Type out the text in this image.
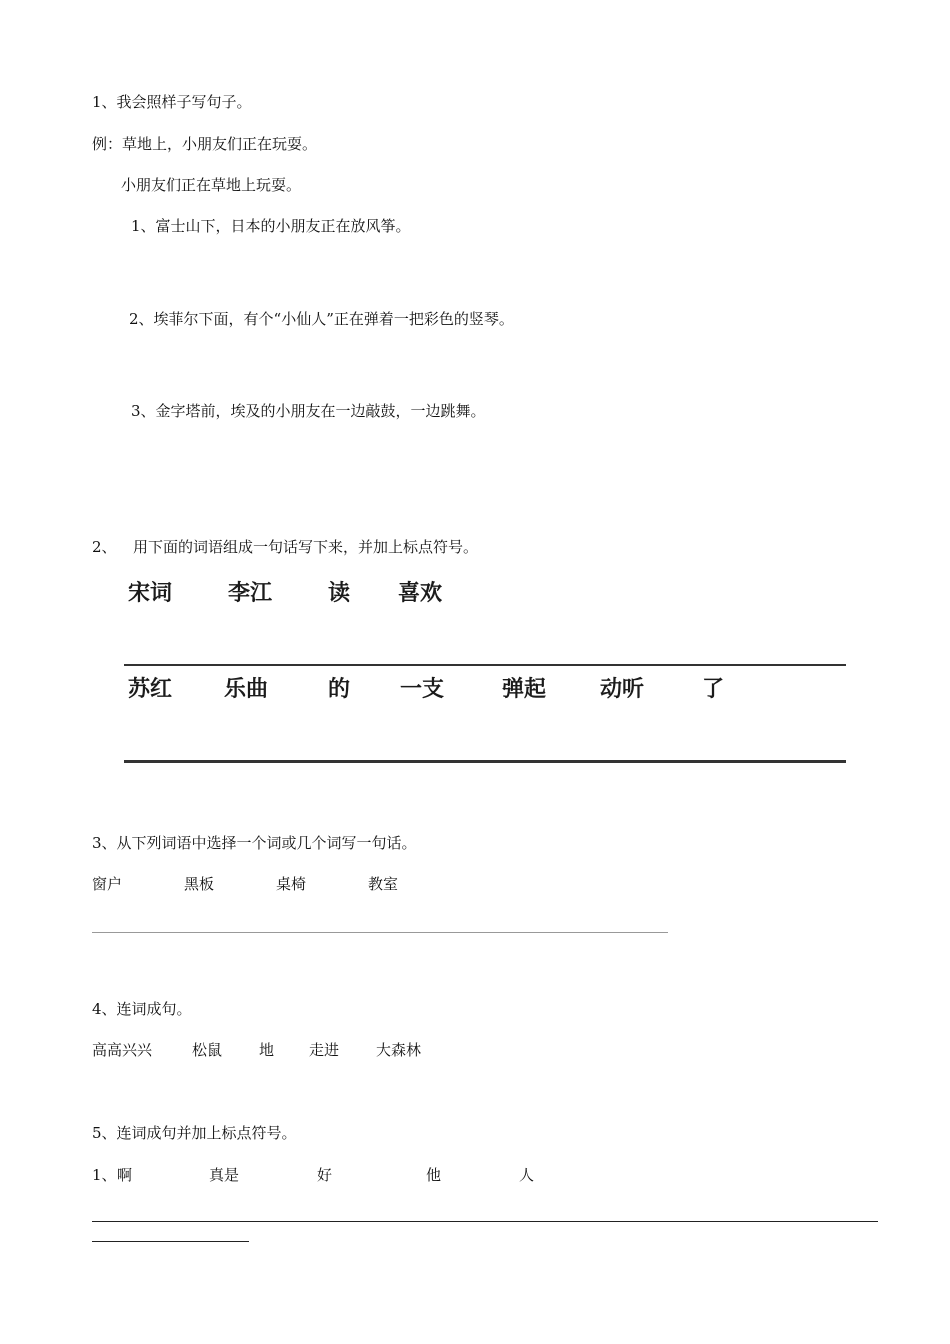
1、我会照样子写句子。
例：草地上，小朋友们正在玩耍。
小朋友们正在草地上玩耍。
1、富士山下，日本的小朋友正在放风筝。
2、埃菲尔下面，有个“小仙人”正在弹着一把彩色的竖琴。
3、金字塔前，埃及的小朋友在一边敲鼓，一边跳舞。
2、 用下面的词语组成一句话写下来，并加上标点符号。
宋词	李江	读 喜欢
苏红 乐曲	的 一支	弹起 动听	了
3、从下列词语中选择一个词或几个词写一句话。
窗户	黑板	桌椅	教室
4、连词成句。
高高兴兴	松鼠 地 走进 大森林
5、连词成句并加上标点符号。
1、 啊	真是	好	他	人
